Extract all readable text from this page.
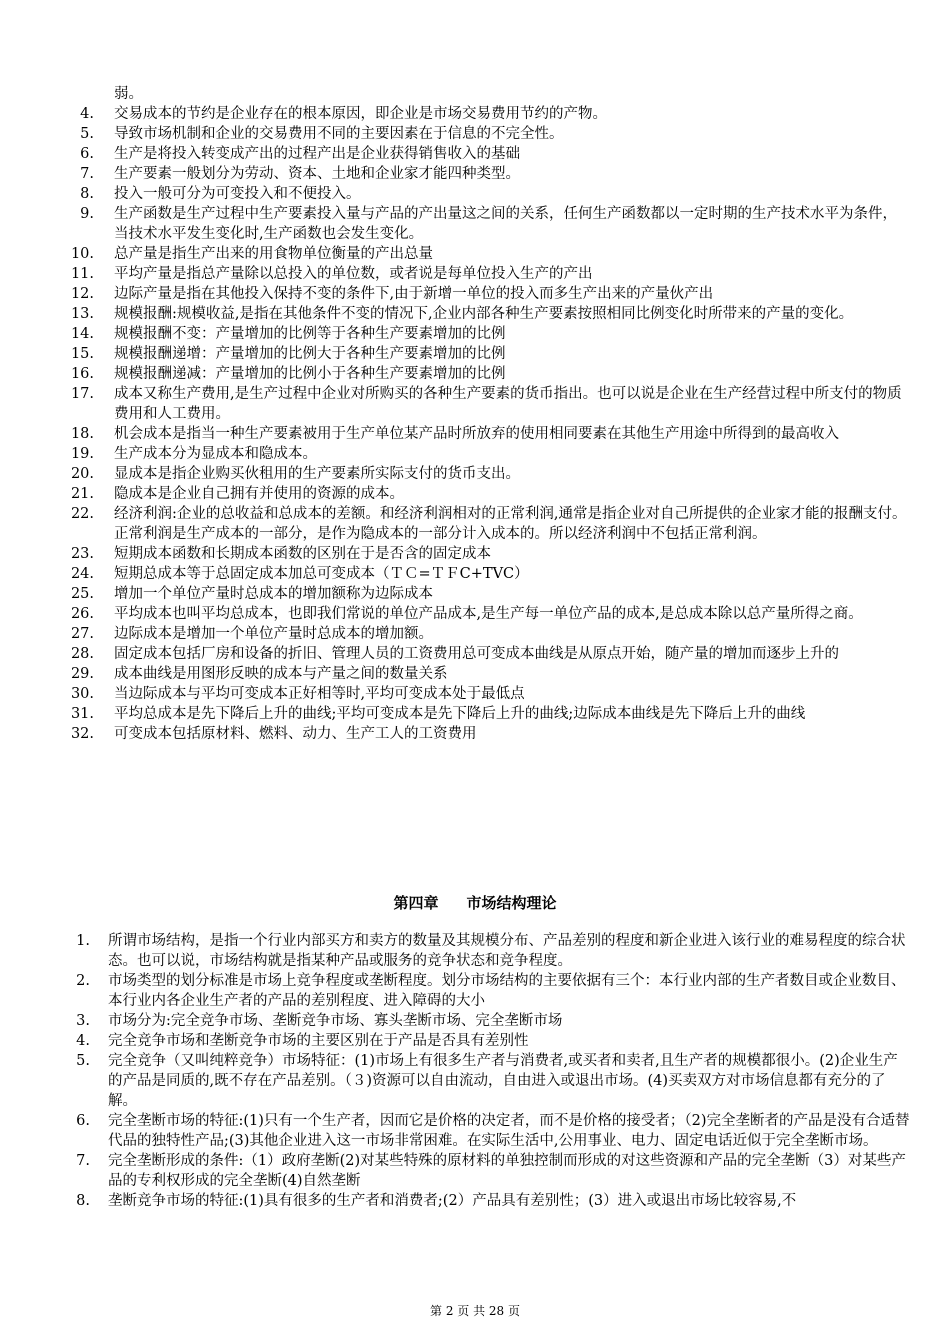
弱。
4.	交易成本的节约是企业存在的根本原因，即企业是市场交易费用节约的产物。
5.	导致市场机制和企业的交易费用不同的主要因素在于信息的不完全性。
6.	生产是将投入转变成产出的过程产出是企业获得销售收入的基础
7.	生产要素一般划分为劳动、资本、土地和企业家才能四种类型。
8.	投入一般可分为可变投入和不便投入。
9.	生产函数是生产过程中生产要素投入量与产品的产出量这之间的关系，任何生产函数都以一定时期的生产技术水平为条件，当技术水平发生变化时,生产函数也会发生变化。
10.	总产量是指生产出来的用食物单位衡量的产出总量
11.	平均产量是指总产量除以总投入的单位数，或者说是每单位投入生产的产出
12.	边际产量是指在其他投入保持不变的条件下,由于新增一单位的投入而多生产出来的产量伙产出
13.	规模报酬:规模收益,是指在其他条件不变的情况下,企业内部各种生产要素按照相同比例变化时所带来的产量的变化。
14.	规模报酬不变：产量增加的比例等于各种生产要素增加的比例
15.	规模报酬递增：产量增加的比例大于各种生产要素增加的比例
16.	规模报酬递减：产量增加的比例小于各种生产要素增加的比例
17.	成本又称生产费用,是生产过程中企业对所购买的各种生产要素的货币指出。也可以说是企业在生产经营过程中所支付的物质费用和人工费用。
18.	机会成本是指当一种生产要素被用于生产单位某产品时所放弃的使用相同要素在其他生产用途中所得到的最高收入
19.	生产成本分为显成本和隐成本。
20.	显成本是指企业购买伙租用的生产要素所实际支付的货币支出。
21.	隐成本是企业自己拥有并使用的资源的成本。
22.	经济利润:企业的总收益和总成本的差额。和经济利润相对的正常利润,通常是指企业对自己所提供的企业家才能的报酬支付。正常利润是生产成本的一部分，是作为隐成本的一部分计入成本的。所以经济利润中不包括正常利润。
23.	短期成本函数和长期成本函数的区别在于是否含的固定成本
24.	短期总成本等于总固定成本加总可变成本（ＴＣ=ＴＦC+TVC）
25.	增加一个单位产量时总成本的增加额称为边际成本
26.	平均成本也叫平均总成本，也即我们常说的单位产品成本,是生产每一单位产品的成本,是总成本除以总产量所得之商。
27.	边际成本是增加一个单位产量时总成本的增加额。
28.	固定成本包括厂房和设备的折旧、管理人员的工资费用总可变成本曲线是从原点开始，随产量的增加而逐步上升的
29.	成本曲线是用图形反映的成本与产量之间的数量关系
30.	当边际成本与平均可变成本正好相等时,平均可变成本处于最低点
31.	平均总成本是先下降后上升的曲线;平均可变成本是先下降后上升的曲线;边际成本曲线是先下降后上升的曲线
32.	可变成本包括原材料、燃料、动力、生产工人的工资费用
第四章 市场结构理论
1.	所谓市场结构，是指一个行业内部买方和卖方的数量及其规模分布、产品差别的程度和新企业进入该行业的难易程度的综合状态。也可以说，市场结构就是指某种产品或服务的竞争状态和竞争程度。
2.	市场类型的划分标准是市场上竞争程度或垄断程度。划分市场结构的主要依据有三个：本行业内部的生产者数目或企业数目、本行业内各企业生产者的产品的差别程度、进入障碍的大小
3.	市场分为:完全竞争市场、垄断竞争市场、寡头垄断市场、完全垄断市场
4.	完全竞争市场和垄断竞争市场的主要区别在于产品是否具有差别性
5.	完全竞争（又叫纯粹竞争）市场特征：(1)市场上有很多生产者与消费者,或买者和卖者,且生产者的规模都很小。(2)企业生产的产品是同质的,既不存在产品差别。（３)资源可以自由流动，自由进入或退出市场。(4)买卖双方对市场信息都有充分的了解。
6.	完全垄断市场的特征:(1)只有一个生产者，因而它是价格的决定者，而不是价格的接受者；（2)完全垄断者的产品是没有合适替代品的独特性产品;(3)其他企业进入这一市场非常困难。在实际生活中,公用事业、电力、固定电话近似于完全垄断市场。
7.	完全垄断形成的条件:（1）政府垄断(2)对某些特殊的原材料的单独控制而形成的对这些资源和产品的完全垄断（3）对某些产品的专利权形成的完全垄断(4)自然垄断
8.	垄断竞争市场的特征:(1)具有很多的生产者和消费者;(2）产品具有差别性；(3）进入或退出市场比较容易,不
第 2 页 共 28 页
